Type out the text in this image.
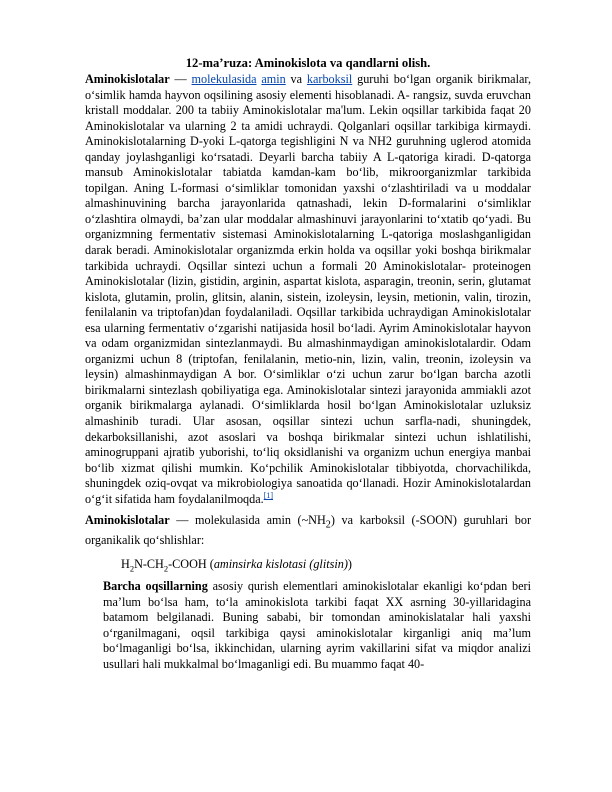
12-ma’ruza: Aminokislota va qandlarni olish.

Aminokislotalar — molekulasida amin va karboksil guruhi bo‘lgan organik birikmalar, o‘simlik hamda hayvon oqsilining asosiy elementi hisoblanadi. A- rangsiz, suvda eruvchan kristall moddalar. 200 ta tabiiy Aminokislotalar ma'lum. Lekin oqsillar tarkibida faqat 20 Aminokislotalar va ularning 2 ta amidi uchraydi. Qolganlari oqsillar tarkibiga kirmaydi. Aminokislotalarning D-yoki L-qatorga tegishligini N va NH2 guruhning uglerod atomida qanday joylashganligi ko‘rsatadi. Deyarli barcha tabiiy A L-qatoriga kiradi. D-qatorga mansub Aminokislotalar tabiatda kamdan-kam bo‘lib, mikroorganizmlar tarkibida topilgan. Aning L-formasi o‘simliklar tomonidan yaxshi o‘zlashtiriladi va u moddalar almashinuvining barcha jarayonlarida qatnashadi, lekin D-formalarini o‘simliklar o‘zlashtira olmaydi, ba’zan ular moddalar almashinuvi jarayonlarini to‘xtatib qo‘yadi. Bu organizmning fermentativ sistemasi Aminokislotalarning L-qatoriga moslashganligidan darak beradi. Aminokislotalar organizmda erkin holda va oqsillar yoki boshqa birikmalar tarkibida uchraydi. Oqsillar sintezi uchun a formali 20 Aminokislotalar- proteinogen Aminokislotalar (lizin, gistidin, arginin, aspartat kislota, asparagin, treonin, serin, glutamat kislota, glutamin, prolin, glitsin, alanin, sistein, izoleysin, leysin, metionin, valin, tirozin, fenilalanin va triptofan)dan foydalaniladi. Oqsillar tarkibida uchraydigan Aminokislotalar esa ularning fermentativ o‘zgarishi natijasida hosil bo‘ladi. Ayrim Aminokislotalar hayvon va odam organizmidan sintezlanmaydi. Bu almashinmaydigan aminokislotalardir. Odam organizmi uchun 8 (triptofan, fenilalanin, metio-nin, lizin, valin, treonin, izoleysin va leysin) almashinmaydigan A bor. O‘simliklar o‘zi uchun zarur bo‘lgan barcha azotli birikmalarni sintezlash qobiliyatiga ega. Aminokislotalar sintezi jarayonida ammiakli azot organik birikmalarga aylanadi. O‘simliklarda hosil bo‘lgan Aminokislotalar uzluksiz almashinib turadi. Ular asosan, oqsillar sintezi uchun sarfla-nadi, shuningdek, dekarboksillanishi, azot asoslari va boshqa birikmalar sintezi uchun ishlatilishi, aminogruppani ajratib yuborishi, to‘liq oksidlanishi va organizm uchun energiya manbai bo‘lib xizmat qilishi mumkin. Ko‘pchilik Aminokislotalar tibbiyotda, chorvachilikda, shuningdek oziq-ovqat va mikrobiologiya sanoatida qo‘llanadi. Hozir Aminokislotalardan o‘g‘it sifatida ham foydalanilmoqda.[1]

Aminokislotalar — molekulasida amin $(\sim NH_2)$ va karboksil (-SOON) guruhlari bor organikalik qo‘shlishlar:

$H_2N-CH_2$-COOH (aminsirka kislotasi (glitsin))

Barcha oqsillarning asosiy qurish elementlari aminokislotalar ekanligi ko‘pdan beri ma’lum bo‘lsa ham, to‘la aminokislota tarkibi faqat XX asrning 30-yillaridagina batamom belgilanadi. Buning sababi, bir tomondan aminokislatalar hali yaxshi o‘rganilmagani, oqsil tarkibiga qaysi aminokislotalar kirganligi aniq ma’lum bo‘lmaganligi bo‘lsa, ikkinchidan, ularning ayrim vakillarini sifat va miqdor analizi usullari hali mukkalmal bo‘lmaganligi edi. Bu muammo faqat 40-
